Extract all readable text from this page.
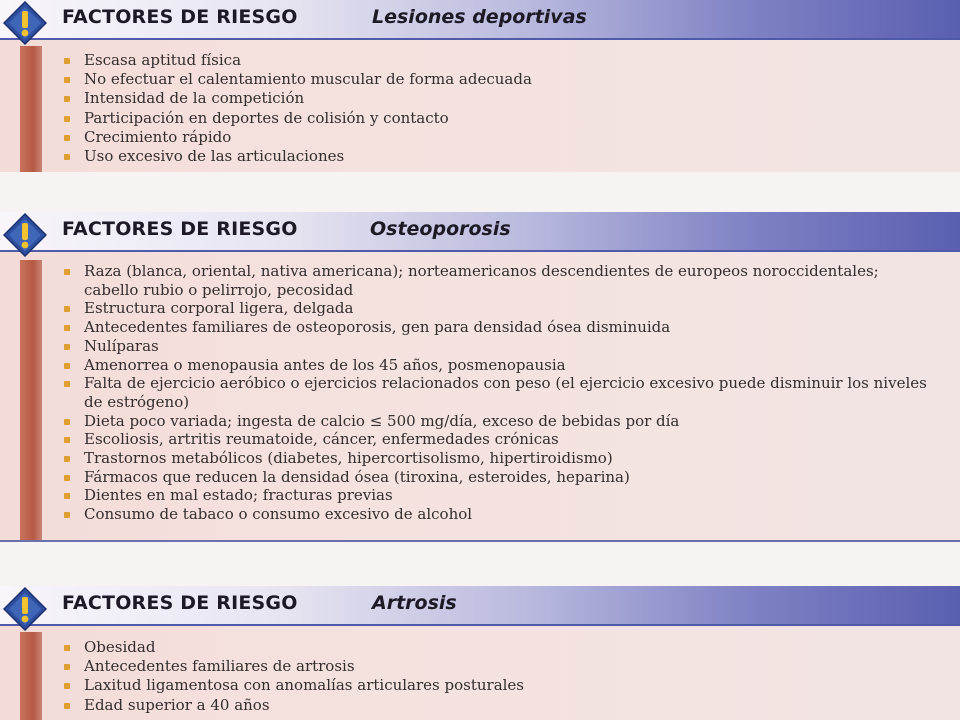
FACTORES DE RIESGO	Lesiones deportivas
Escasa aptitud física
No efectuar el calentamiento muscular de forma adecuada
Intensidad de la competición
Participación en deportes de colisión y contacto
Crecimiento rápido
Uso excesivo de las articulaciones
FACTORES DE RIESGO	Osteoporosis
Raza (blanca, oriental, nativa americana); norteamericanos descendientes de europeos noroccidentales; cabello rubio o pelirrojo, pecosidad
Estructura corporal ligera, delgada
Antecedentes familiares de osteoporosis, gen para densidad ósea disminuida
Nulíparas
Amenorrea o menopausia antes de los 45 años, posmenopausia
Falta de ejercicio aeróbico o ejercicios relacionados con peso (el ejercicio excesivo puede disminuir los niveles de estrógeno)
Dieta poco variada; ingesta de calcio ≤ 500 mg/día, exceso de bebidas por día
Escoliosis, artritis reumatoide, cáncer, enfermedades crónicas
Trastornos metabólicos (diabetes, hipercortisolismo, hipertiroidismo)
Fármacos que reducen la densidad ósea (tiroxina, esteroides, heparina)
Dientes en mal estado; fracturas previas
Consumo de tabaco o consumo excesivo de alcohol
FACTORES DE RIESGO	Artrosis
Obesidad
Antecedentes familiares de artrosis
Laxitud ligamentosa con anomalías articulares posturales
Edad superior a 40 años
